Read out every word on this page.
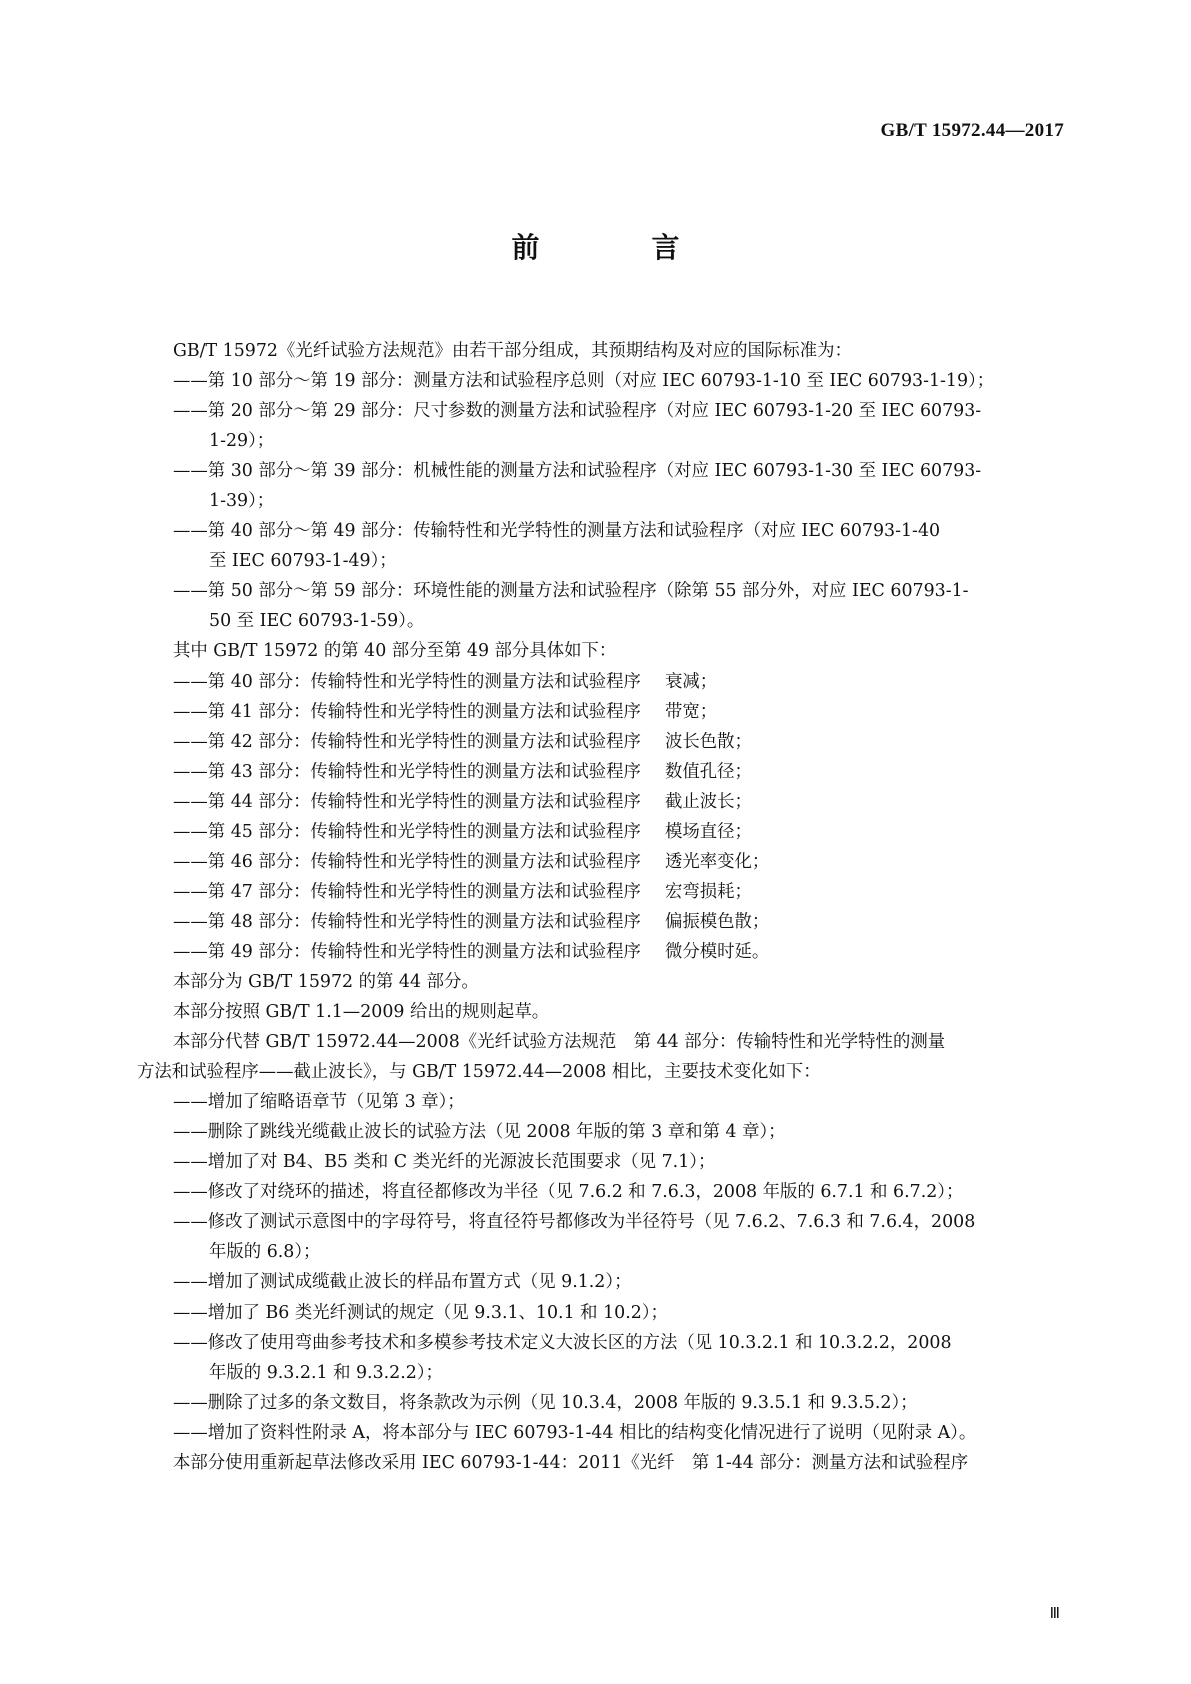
GB/T 15972.44—2017
前　言
GB/T 15972《光纤试验方法规范》由若干部分组成，其预期结构及对应的国际标准为：
——第 10 部分～第 19 部分：测量方法和试验程序总则（对应 IEC 60793-1-10 至 IEC 60793-1-19）；
——第 20 部分～第 29 部分：尺寸参数的测量方法和试验程序（对应 IEC 60793-1-20 至 IEC 60793-
1-29）；
——第 30 部分～第 39 部分：机械性能的测量方法和试验程序（对应 IEC 60793-1-30 至 IEC 60793-
1-39）；
——第 40 部分～第 49 部分：传输特性和光学特性的测量方法和试验程序（对应 IEC 60793-1-40
至 IEC 60793-1-49）；
——第 50 部分～第 59 部分：环境性能的测量方法和试验程序（除第 55 部分外，对应 IEC 60793-1-
50 至 IEC 60793-1-59）。
其中 GB/T 15972 的第 40 部分至第 49 部分具体如下：
——第 40 部分：传输特性和光学特性的测量方法和试验程序 衰减；
——第 41 部分：传输特性和光学特性的测量方法和试验程序 带宽；
——第 42 部分：传输特性和光学特性的测量方法和试验程序 波长色散；
——第 43 部分：传输特性和光学特性的测量方法和试验程序 数值孔径；
——第 44 部分：传输特性和光学特性的测量方法和试验程序 截止波长；
——第 45 部分：传输特性和光学特性的测量方法和试验程序 模场直径；
——第 46 部分：传输特性和光学特性的测量方法和试验程序 透光率变化；
——第 47 部分：传输特性和光学特性的测量方法和试验程序 宏弯损耗；
——第 48 部分：传输特性和光学特性的测量方法和试验程序 偏振模色散；
——第 49 部分：传输特性和光学特性的测量方法和试验程序 微分模时延。
本部分为 GB/T 15972 的第 44 部分。
本部分按照 GB/T 1.1—2009 给出的规则起草。
本部分代替 GB/T 15972.44—2008《光纤试验方法规范　第 44 部分：传输特性和光学特性的测量
方法和试验程序——截止波长》，与 GB/T 15972.44—2008 相比，主要技术变化如下：
——增加了缩略语章节（见第 3 章）；
——删除了跳线光缆截止波长的试验方法（见 2008 年版的第 3 章和第 4 章）；
——增加了对 B4、B5 类和 C 类光纤的光源波长范围要求（见 7.1）；
——修改了对绕环的描述，将直径都修改为半径（见 7.6.2 和 7.6.3，2008 年版的 6.7.1 和 6.7.2）；
——修改了测试示意图中的字母符号，将直径符号都修改为半径符号（见 7.6.2、7.6.3 和 7.6.4，2008
年版的 6.8）；
——增加了测试成缆截止波长的样品布置方式（见 9.1.2）；
——增加了 B6 类光纤测试的规定（见 9.3.1、10.1 和 10.2）；
——修改了使用弯曲参考技术和多模参考技术定义大波长区的方法（见 10.3.2.1 和 10.3.2.2，2008
年版的 9.3.2.1 和 9.3.2.2）；
——删除了过多的条文数目，将条款改为示例（见 10.3.4，2008 年版的 9.3.5.1 和 9.3.5.2）；
——增加了资料性附录 A，将本部分与 IEC 60793-1-44 相比的结构变化情况进行了说明（见附录 A）。
本部分使用重新起草法修改采用 IEC 60793-1-44：2011《光纤　第 1-44 部分：测量方法和试验程序
Ⅲ
